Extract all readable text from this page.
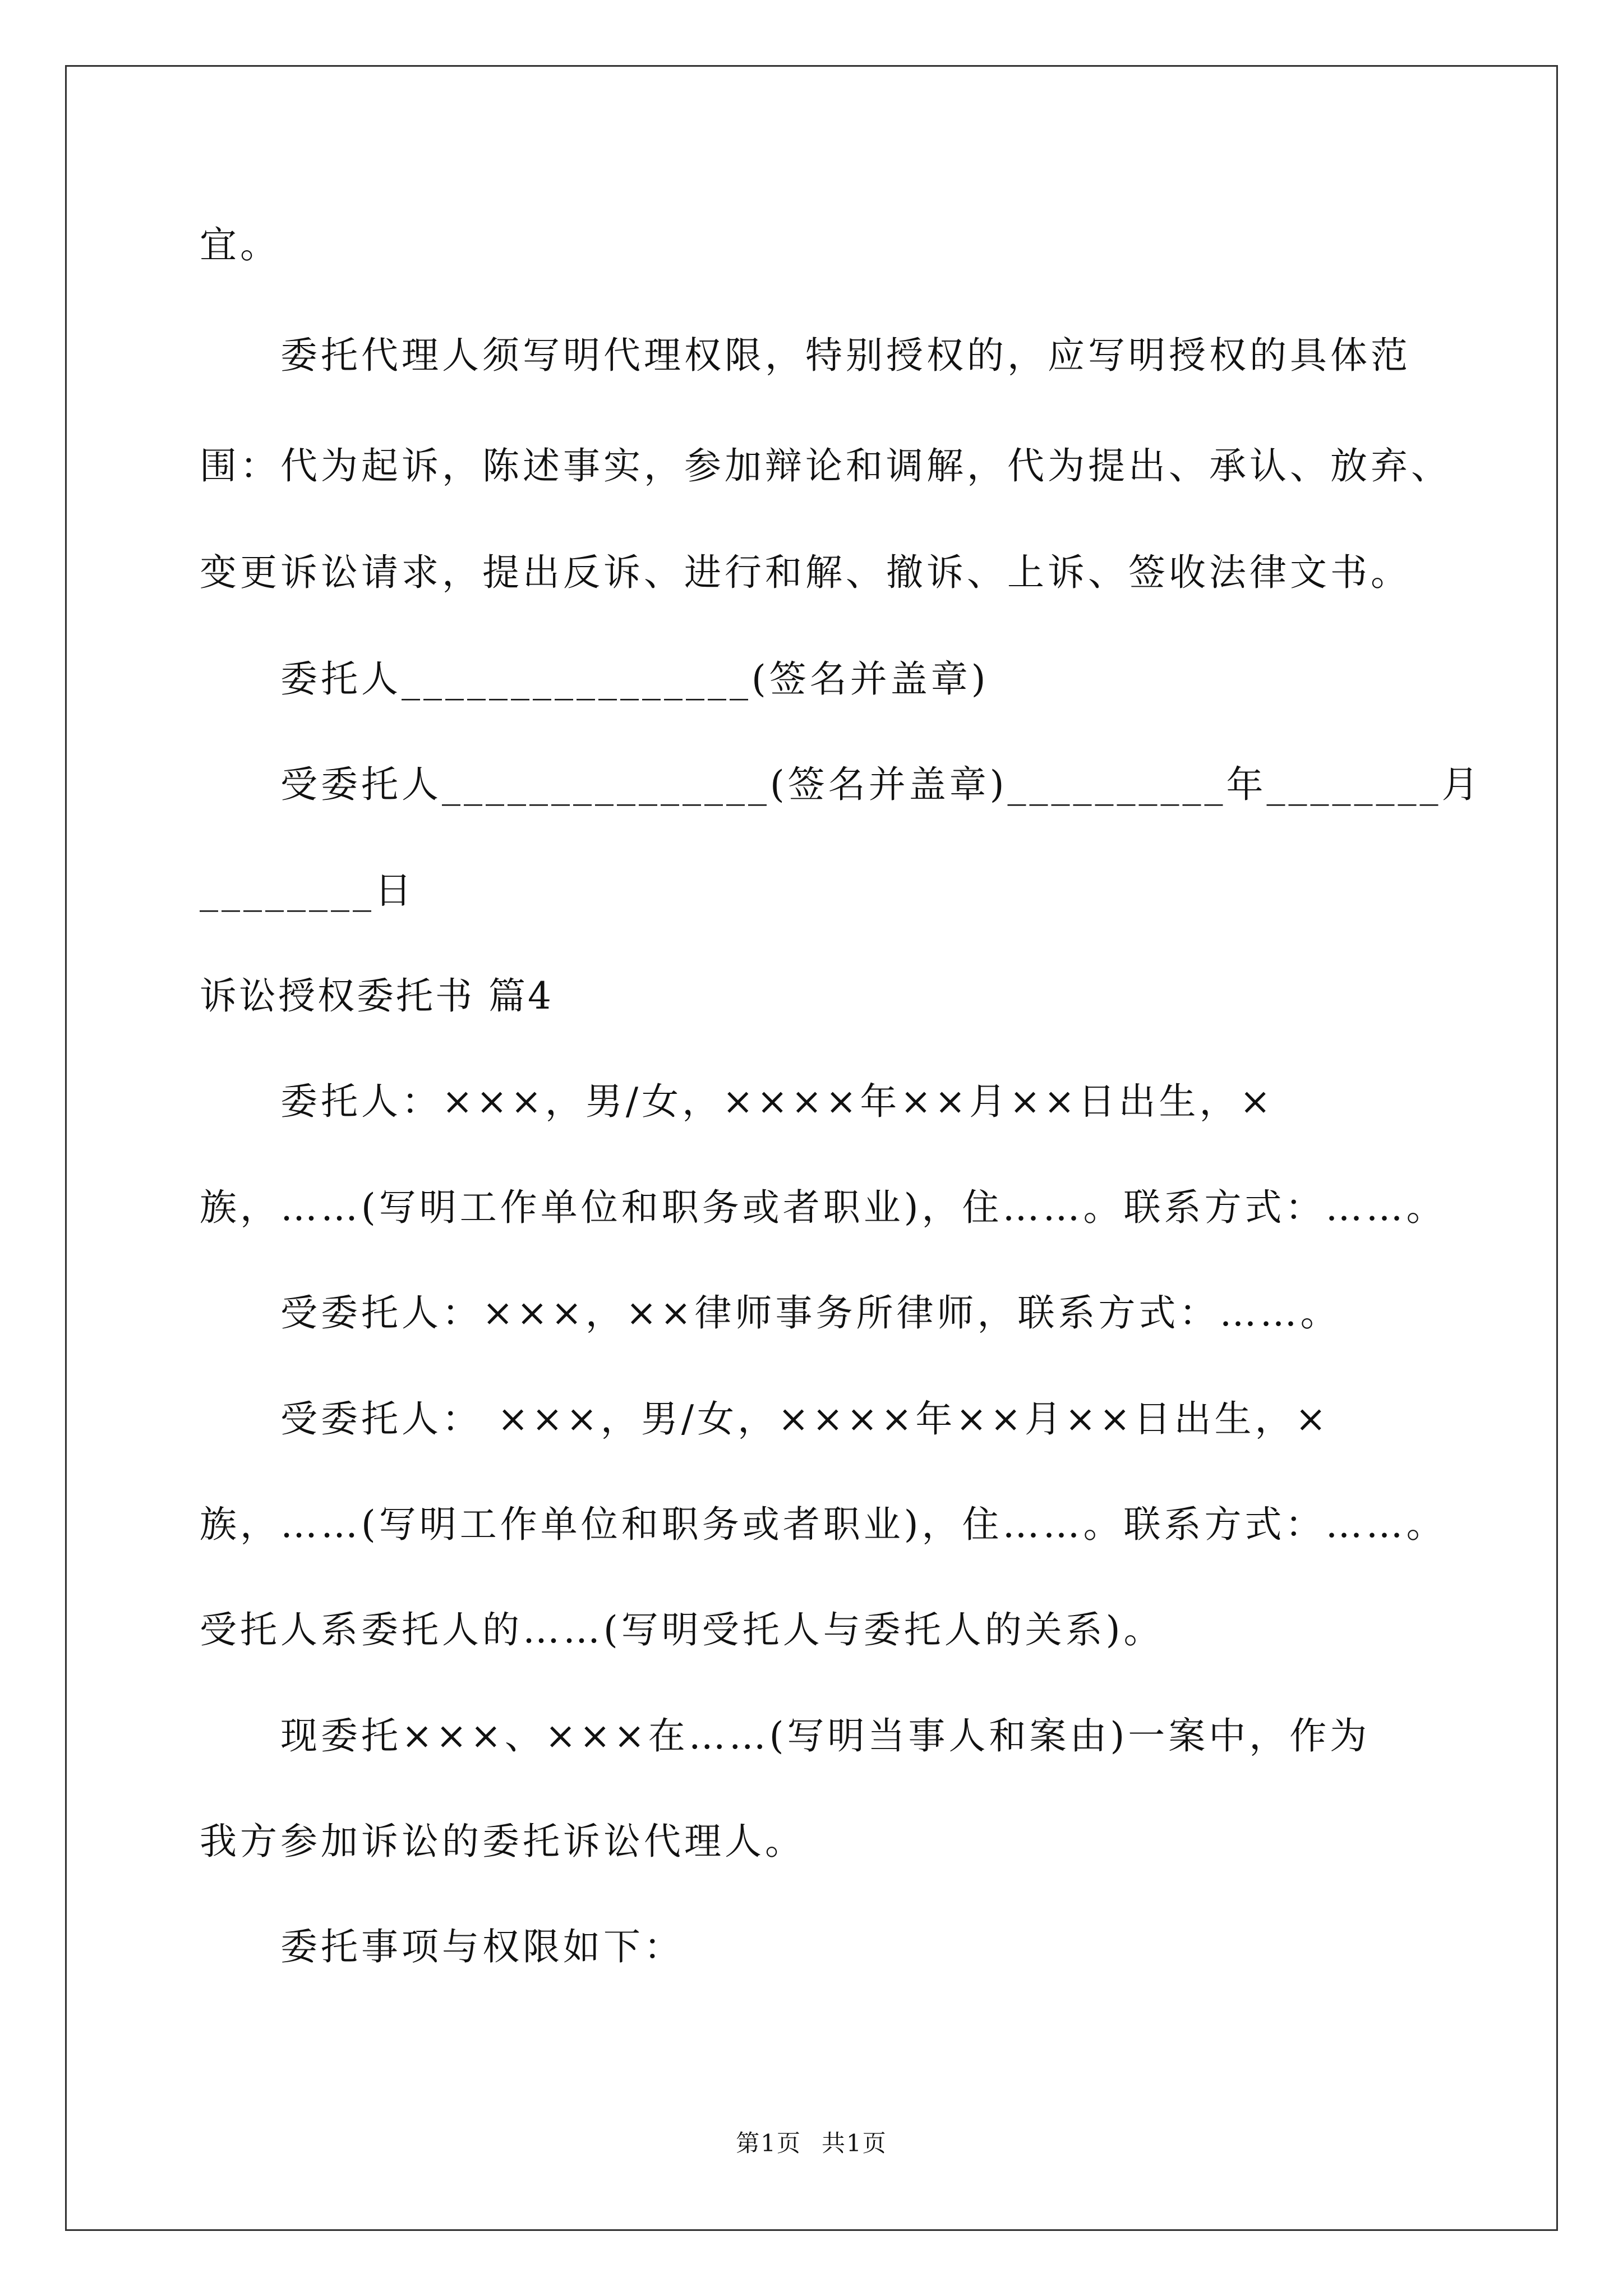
宜。
委托代理人须写明代理权限，特别授权的，应写明授权的具体范
围：代为起诉，陈述事实，参加辩论和调解，代为提出、承认、放弃、
变更诉讼请求，提出反诉、进行和解、撤诉、上诉、签收法律文书。
委托人________________(签名并盖章)
受委托人_______________(签名并盖章)__________年________月
________日
诉讼授权委托书 篇4
委托人：×××，男/女，××××年××月××日出生，×
族，……(写明工作单位和职务或者职业)，住……。联系方式：……。
受委托人：×××，××律师事务所律师，联系方式：……。
受委托人： ×××，男/女，××××年××月××日出生，×
族，……(写明工作单位和职务或者职业)，住……。联系方式：……。
受托人系委托人的……(写明受托人与委托人的关系)。
现委托×××、×××在……(写明当事人和案由)一案中，作为
我方参加诉讼的委托诉讼代理人。
委托事项与权限如下：
第1页 共1页
